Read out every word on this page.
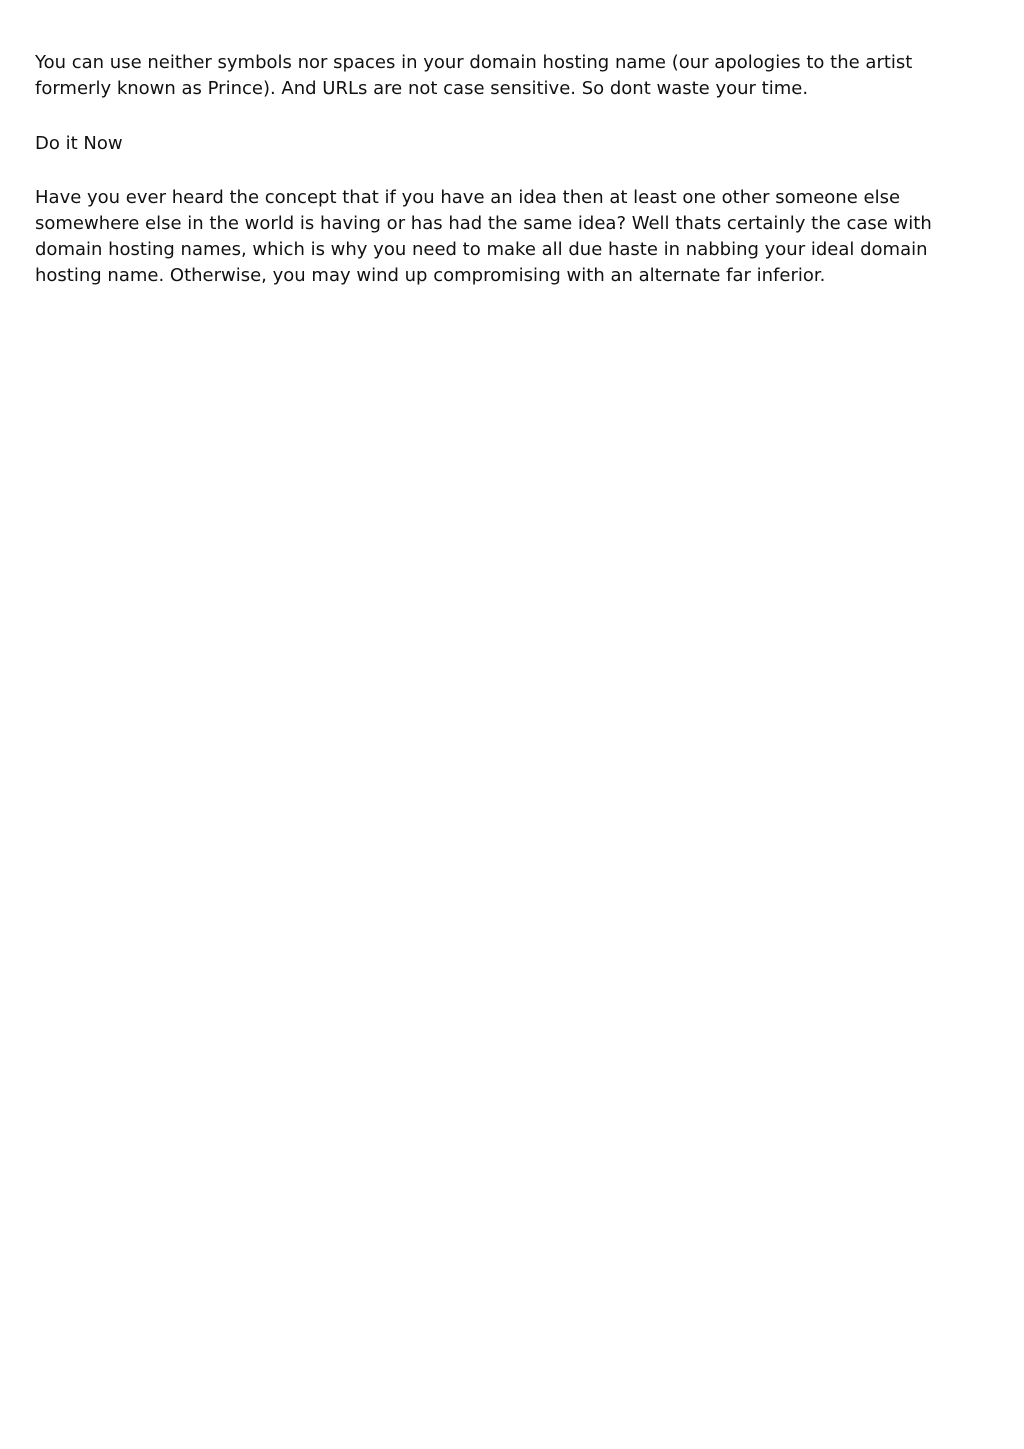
You can use neither symbols nor spaces in your domain hosting name (our apologies to the artist formerly known as Prince). And URLs are not case sensitive. So dont waste your time.

Do it Now

Have you ever heard the concept that if you have an idea then at least one other someone else somewhere else in the world is having or has had the same idea? Well thats certainly the case with domain hosting names, which is why you need to make all due haste in nabbing your ideal domain hosting name. Otherwise, you may wind up compromising with an alternate far inferior.
